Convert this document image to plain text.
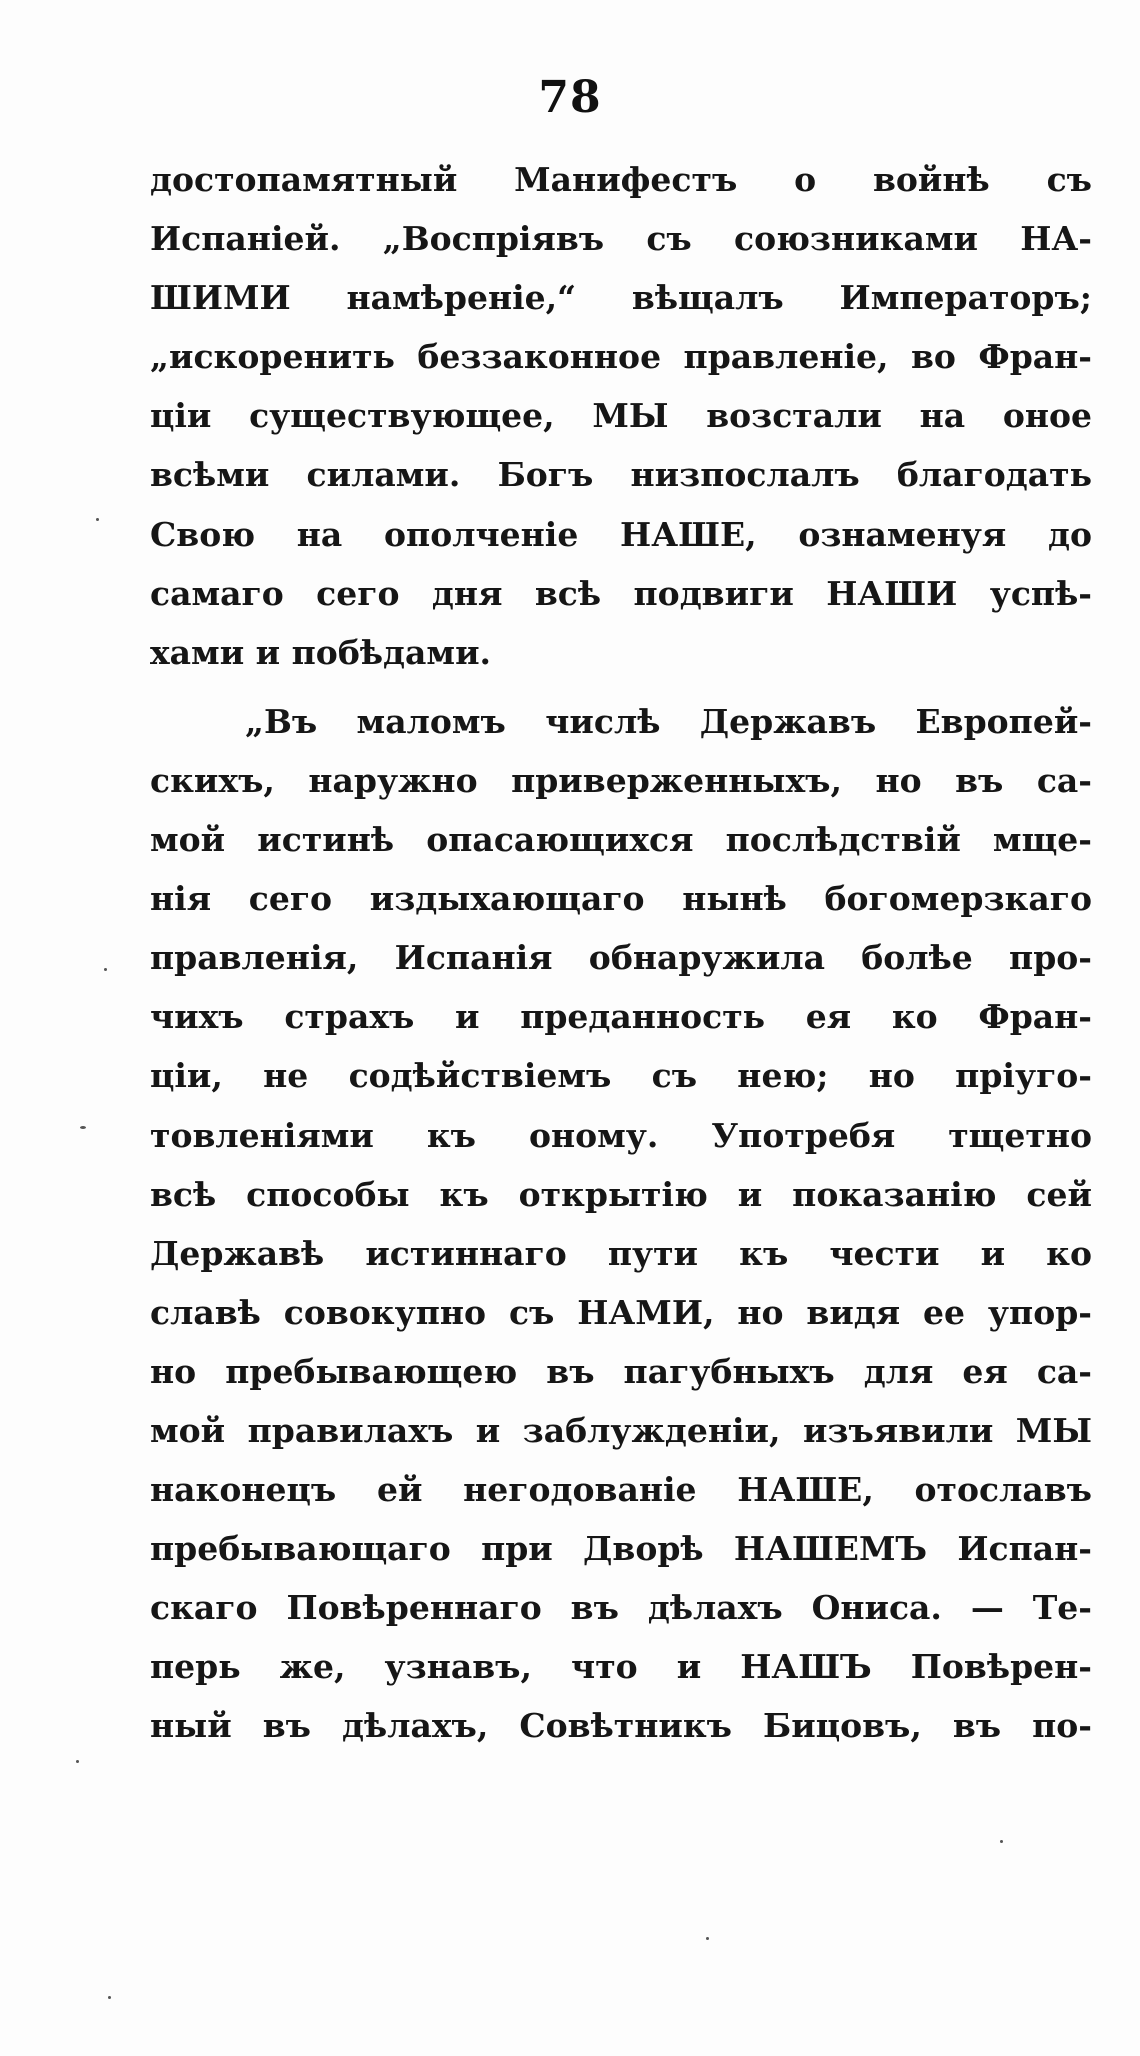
78
достопамятный Манифестъ о войнѣ съ
Испаніей. „Воспріявъ съ союзниками НА-
ШИМИ намѣреніе,“ вѣщалъ Императоръ;
„искоренить беззаконное правленіе, во Фран-
ціи существующее, МЫ возстали на оное
всѣми силами. Богъ низпослалъ благодать
Свою на ополченіе НАШЕ, ознаменуя до
самаго сего дня всѣ подвиги НАШИ успѣ-
хами и побѣдами.
„Въ маломъ числѣ Державъ Европей-
скихъ, наружно приверженныхъ, но въ са-
мой истинѣ опасающихся послѣдствій мще-
нія сего издыхающаго нынѣ богомерзкаго
правленія, Испанія обнаружила болѣе про-
чихъ страхъ и преданность ея ко Фран-
ціи, не содѣйствіемъ съ нею; но пріуго-
товленіями къ оному. Употребя тщетно
всѣ способы къ открытію и показанію сей
Державѣ истиннаго пути къ чести и ко
славѣ совокупно съ НАМИ, но видя ее упор-
но пребывающею въ пагубныхъ для ея са-
мой правилахъ и заблужденіи, изъявили МЫ
наконецъ ей негодованіе НАШЕ, отославъ
пребывающаго при Дворѣ НАШЕМЪ Испан-
скаго Повѣреннаго въ дѣлахъ Ониса. — Те-
перь же, узнавъ, что и НАШЪ Повѣрен-
ный въ дѣлахъ, Совѣтникъ Бицовъ, въ по-
